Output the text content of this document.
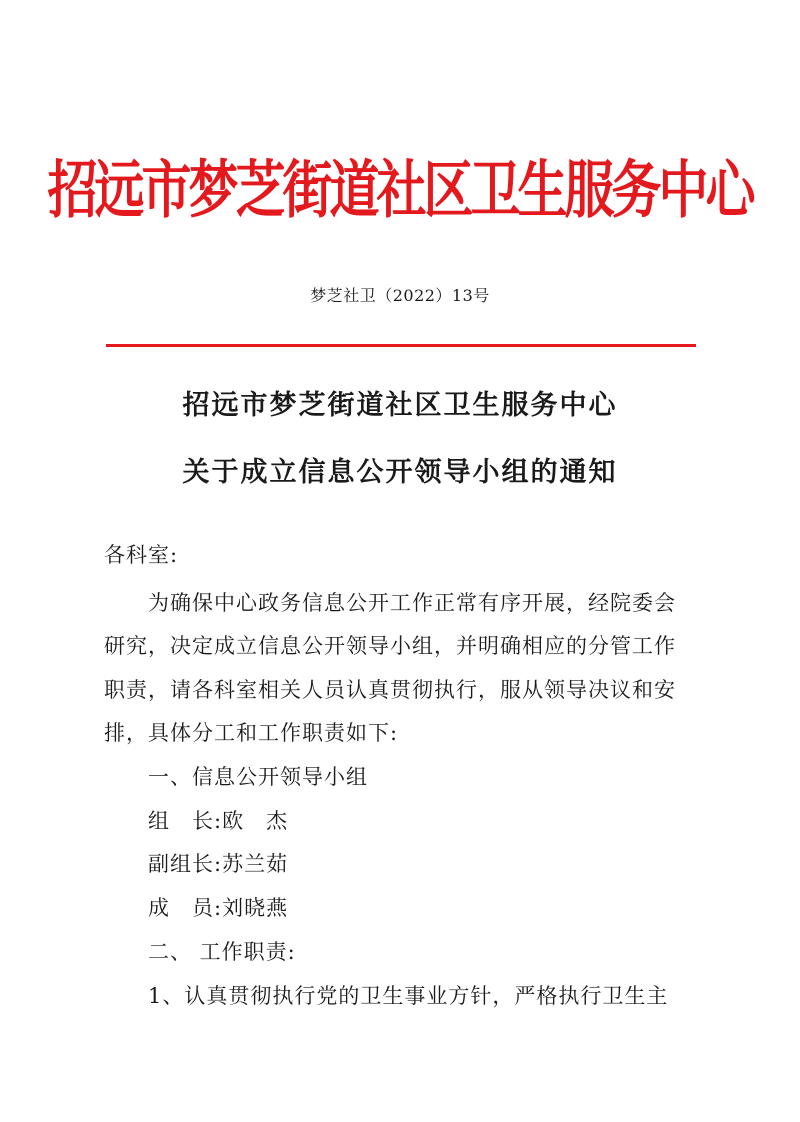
招远市梦芝街道社区卫生服务中心
梦芝社卫（2022）13号
招远市梦芝街道社区卫生服务中心
关于成立信息公开领导小组的通知
各科室:
为确保中心政务信息公开工作正常有序开展，经院委会
研究，决定成立信息公开领导小组，并明确相应的分管工作
职责，请各科室相关人员认真贯彻执行，服从领导决议和安
排，具体分工和工作职责如下:
一、信息公开领导小组
组　长:欧　杰
副组长:苏兰茹
成　员:刘晓燕
二、 工作职责:
1、认真贯彻执行党的卫生事业方针，严格执行卫生主
